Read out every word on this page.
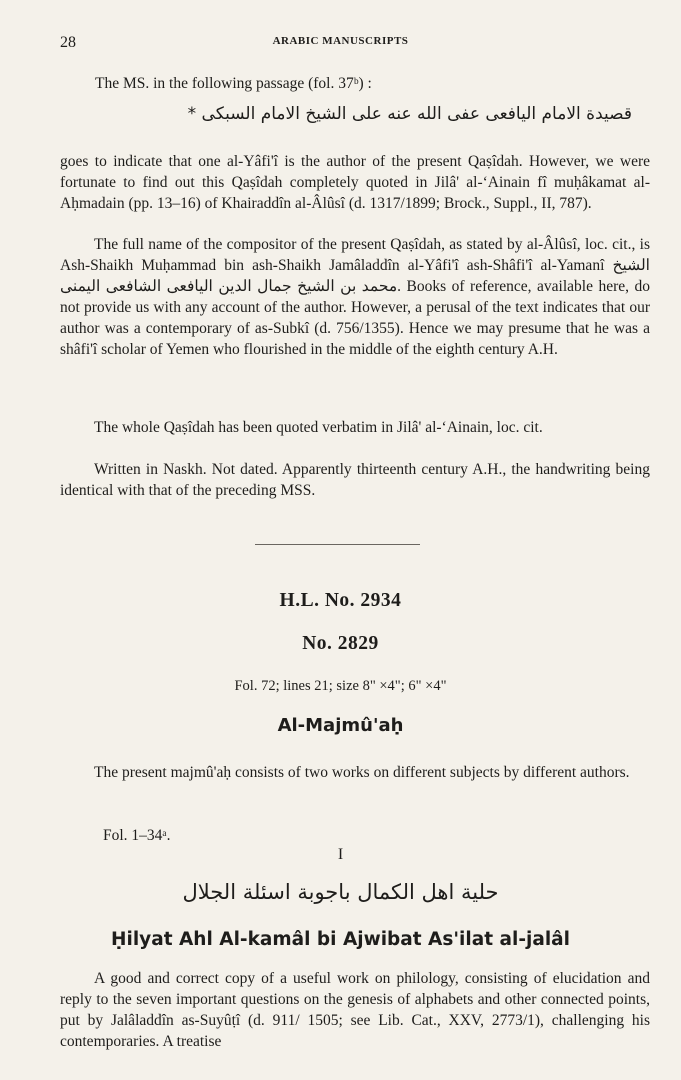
28	ARABIC MANUSCRIPTS
The MS. in the following passage (fol. 37ᵇ) :
قصيدة الامام اليافعى عفى الله عنه على الشيخ الامام السبكى *
goes to indicate that one al-Yâfi'î is the author of the present Qaṣîdah. However, we were fortunate to find out this Qaṣîdah completely quoted in Jilâ' al-ʻAinain fî muḥâkamat al-Aḥmadain (pp. 13–16) of Khairaddîn al-Âlûsî (d. 1317/1899; Brock., Suppl., II, 787).
The full name of the compositor of the present Qaṣîdah, as stated by al-Âlûsî, loc. cit., is Ash-Shaikh Muḥammad bin ash-Shaikh Jamâladdîn al-Yâfi'î ash-Shâfi'î al-Yamanî الشيخ محمد بن الشيخ جمال الدين اليافعى الشافعى اليمنى. Books of reference, available here, do not provide us with any account of the author. However, a perusal of the text indicates that our author was a contemporary of as-Subkî (d. 756/1355). Hence we may presume that he was a shâfi'î scholar of Yemen who flourished in the middle of the eighth century A.H.
The whole Qaṣîdah has been quoted verbatim in Jilâ' al-ʻAinain, loc. cit.
Written in Naskh. Not dated. Apparently thirteenth century A.H., the handwriting being identical with that of the preceding MSS.
H.L. No. 2934
No. 2829
Fol. 72; lines 21; size 8" ×4"; 6" ×4"
Al-Majmû'aḥ
The present majmû'aḥ consists of two works on different subjects by different authors.
Fol. 1–34ᵃ.
I
حلية اهل الكمال باجوبة اسئلة الجلال
Ḥilyat Ahl Al-kamâl bi Ajwibat As'ilat al-jalâl
A good and correct copy of a useful work on philology, consisting of elucidation and reply to the seven important questions on the genesis of alphabets and other connected points, put by Jalâladdîn as-Suyûṭî (d. 911/ 1505; see Lib. Cat., XXV, 2773/1), challenging his contemporaries. A treatise
